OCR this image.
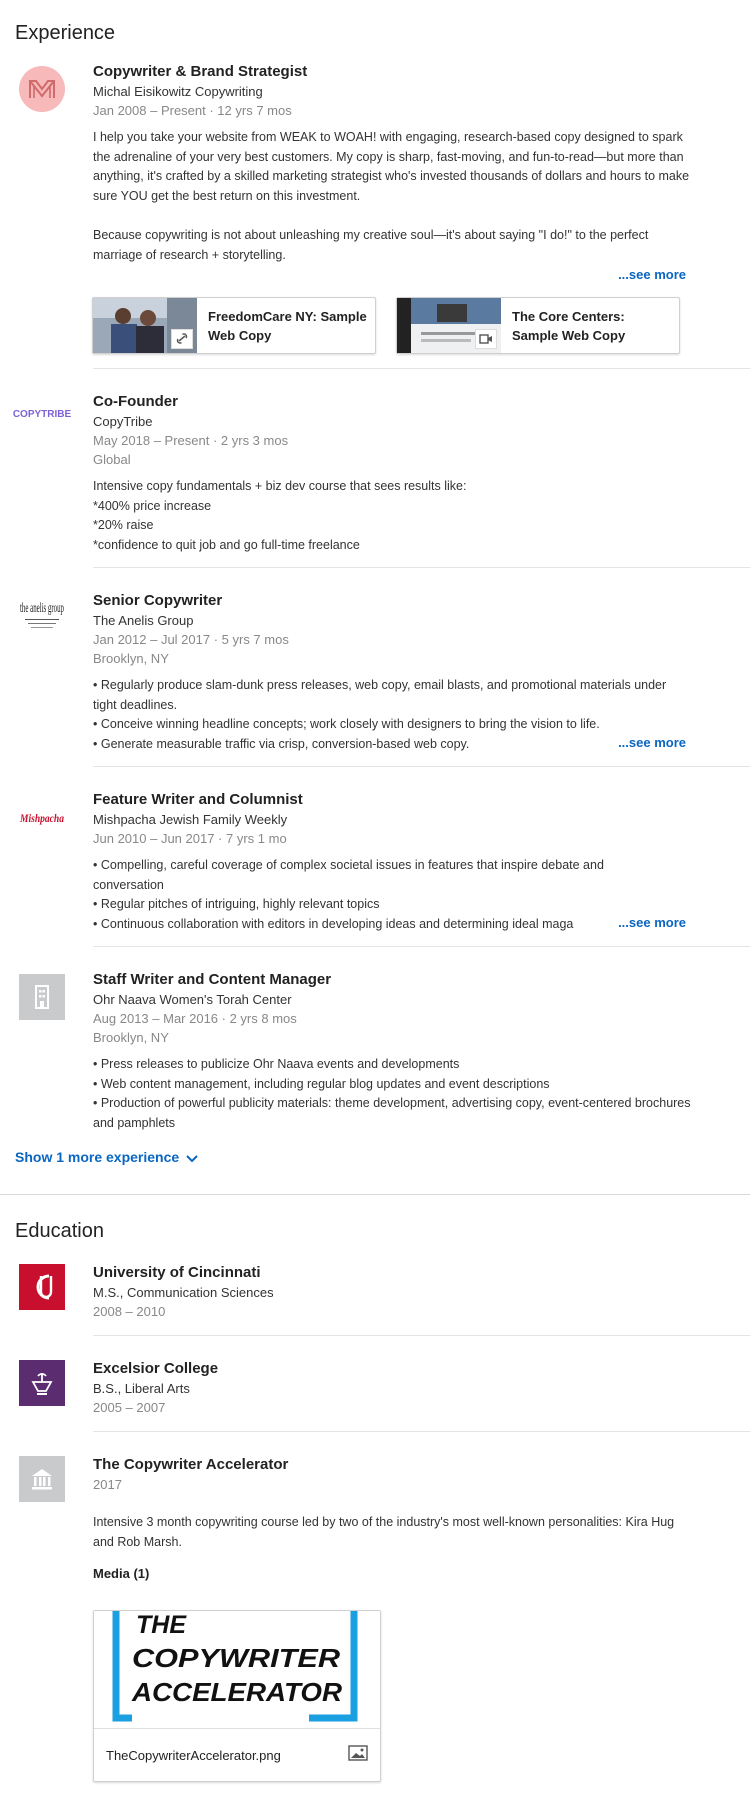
Experience
Copywriter & Brand Strategist
Michal Eisikowitz Copywriting
Jan 2008 – Present · 12 yrs 7 mos

I help you take your website from WEAK to WOAH! with engaging, research-based copy designed to spark the adrenaline of your very best customers. My copy is sharp, fast-moving, and fun-to-read—but more than anything, it's crafted by a skilled marketing strategist who's invested thousands of dollars and hours to make sure YOU get the best return on this investment.

Because copywriting is not about unleashing my creative soul—it's about saying "I do!" to the perfect marriage of research + storytelling.

...see more
FreedomCare NY: Sample Web Copy
The Core Centers: Sample Web Copy
COPYTRIBE
Co-Founder
CopyTribe
May 2018 – Present · 2 yrs 3 mos
Global

Intensive copy fundamentals + biz dev course that sees results like:

*400% price increase

*20% raise

*confidence to quit job and go full-time freelance

the anelis group Senior Copywriter
The Anelis Group
Jan 2012 – Jul 2017 · 5 yrs 7 mos
Brooklyn, NY

• Regularly produce slam-dunk press releases, web copy, email blasts, and promotional materials under tight deadlines.

• Conceive winning headline concepts; work closely with designers to bring the vision to life.

• Generate measurable traffic via crisp, conversion-based web copy.	...see more
Mishpacha
Feature Writer and Columnist
Mishpacha Jewish Family Weekly
Jun 2010 – Jun 2017 · 7 yrs 1 mo

• Compelling, careful coverage of complex societal issues in features that inspire debate and conversation

• Regular pitches of intriguing, highly relevant topics

• Continuous collaboration with editors in developing ideas and determining ideal maga	...see more
Staff Writer and Content Manager
Ohr Naava Women's Torah Center
Aug 2013 – Mar 2016 · 2 yrs 8 mos
Brooklyn, NY

• Press releases to publicize Ohr Naava events and developments

• Web content management, including regular blog updates and event descriptions

• Production of powerful publicity materials: theme development, advertising copy, event-centered brochures and pamphlets

Show 1 more experience
Education
University of Cincinnati
M.S., Communication Sciences
2008 – 2010
Excelsior College
B.S., Liberal Arts
2005 – 2007
The Copywriter Accelerator
2017
Intensive 3 month copywriting course led by two of the industry's most well-known personalities: Kira Hug and Rob Marsh.
Media (1)
THE
COPYWRITER
ACCELERATOR
TheCopywriterAccelerator.png
